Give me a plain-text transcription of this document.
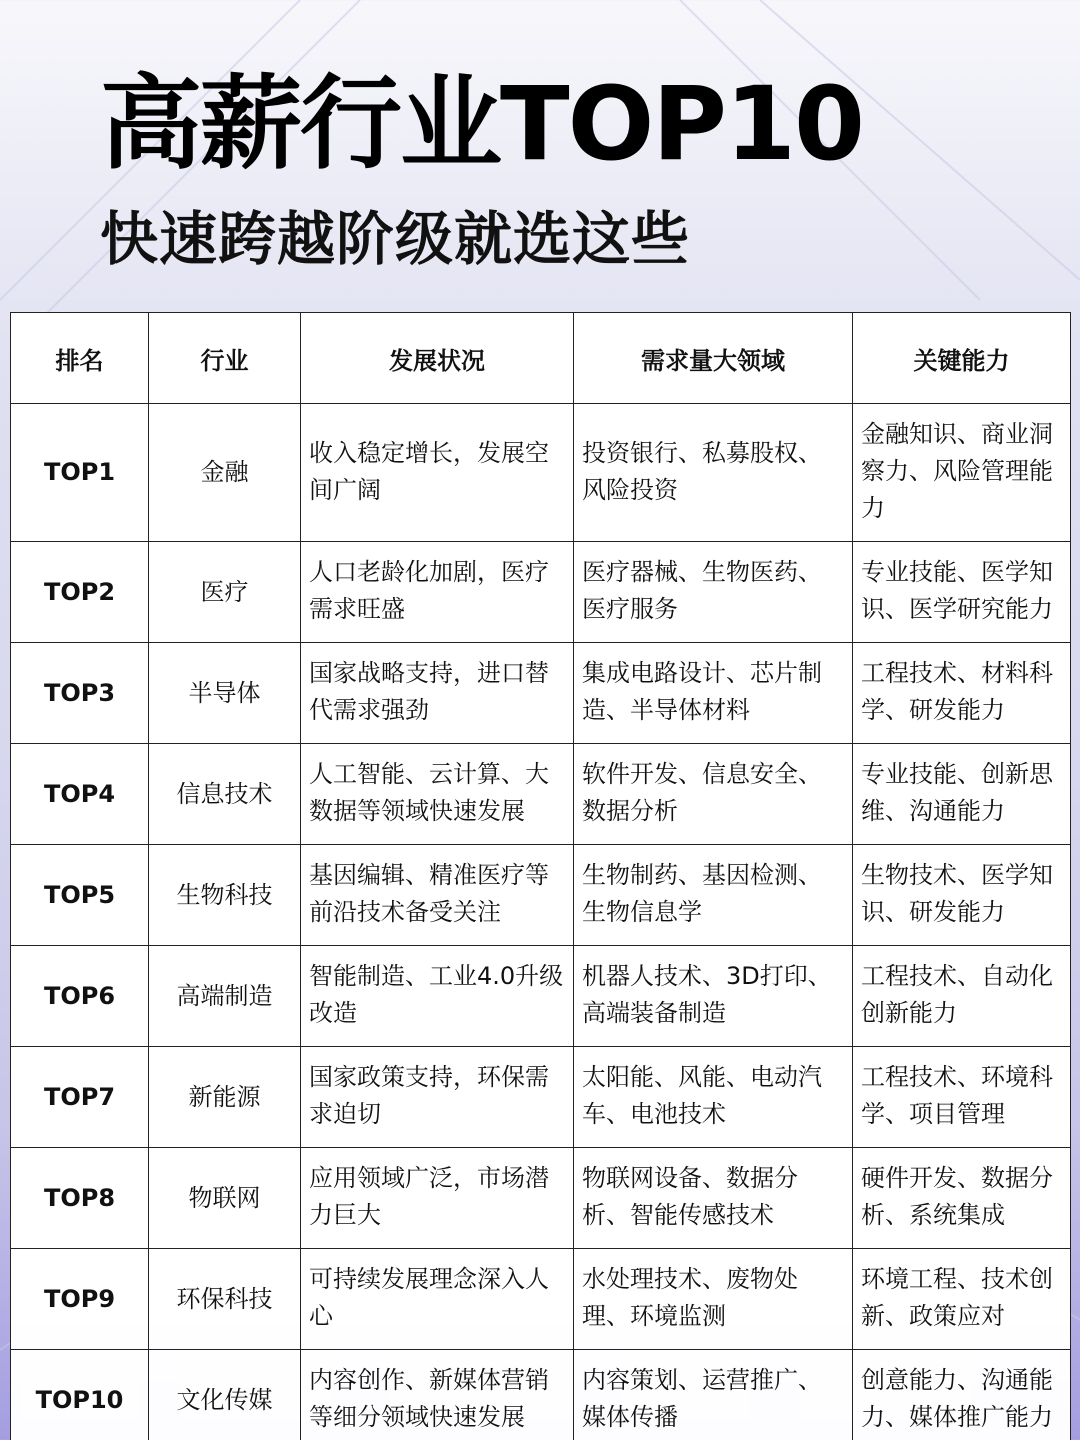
高薪行业TOP10
快速跨越阶级就选这些
排名	行业	发展状况	需求量大领域	关键能力
TOP1	金融	收入稳定增长，发展空间广阔	投资银行、私募股权、风险投资	金融知识、商业洞察力、风险管理能力
TOP2	医疗	人口老龄化加剧，医疗需求旺盛	医疗器械、生物医药、医疗服务	专业技能、医学知识、医学研究能力
TOP3	半导体	国家战略支持，进口替代需求强劲	集成电路设计、芯片制造、半导体材料	工程技术、材料科学、研发能力
TOP4	信息技术	人工智能、云计算、大数据等领域快速发展	软件开发、信息安全、数据分析	专业技能、创新思维、沟通能力
TOP5	生物科技	基因编辑、精准医疗等前沿技术备受关注	生物制药、基因检测、生物信息学	生物技术、医学知识、研发能力
TOP6	高端制造	智能制造、工业4.0升级改造	机器人技术、3D打印、高端装备制造	工程技术、自动化创新能力
TOP7	新能源	国家政策支持，环保需求迫切	太阳能、风能、电动汽车、电池技术	工程技术、环境科学、项目管理
TOP8	物联网	应用领域广泛，市场潜力巨大	物联网设备、数据分析、智能传感技术	硬件开发、数据分析、系统集成
TOP9	环保科技	可持续发展理念深入人心	水处理技术、废物处理、环境监测	环境工程、技术创新、政策应对
TOP10	文化传媒	内容创作、新媒体营销等细分领域快速发展	内容策划、运营推广、媒体传播	创意能力、沟通能力、媒体推广能力
